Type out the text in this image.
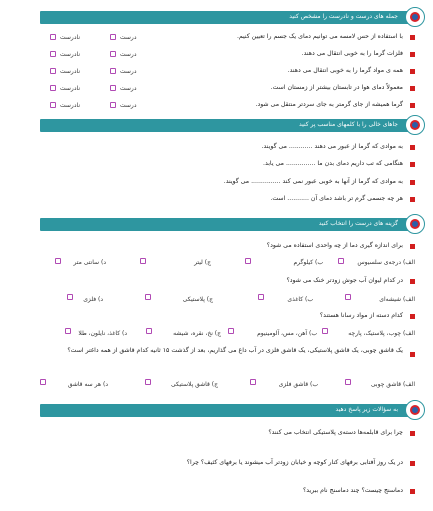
جمله های درست و نادرست را مشخص کنید
با استفاده از حس لامسه می توانیم دمای یک جسم را تعیین کنیم.
درست
نادرست
فلزات گرما را به خوبی انتقال می دهند.
درست
نادرست
همه ی مواد گرما را به خوبی انتقال می دهند.
درست
نادرست
معمولاً دمای هوا در تابستان بیشتر از زمستان است.
درست
نادرست
گرما همیشه از جای گرمتر به جای سردتر منتقل می شود.
درست
نادرست
جاهای خالی را با کلمهای مناسب پر کنید
به موادی که گرما از عبور می دهند ............ می گویند.
هنگامی که تب داریم دمای بدن ما ............... می یابد.
به موادی که گرما از آنها به خوبی عبور نمی کند ............... می گویند.
هر چه جسمی گرم تر باشد دمای آن ........... است.
گزینه های درست را انتخاب کنید
برای اندازه گیری دما از چه واحدی استفاده می شود؟
الف) درجه‌ی سلسیوس
ب) کیلوگرم
ج) لیتر
د) سانتی متر
در کدام لیوان آب جوش زودتر خنک می شود؟
الف) شیشه‌ای
ب) کاغذی
ج) پلاستیکی
د) فلزی
کدام دسته از مواد رسانا هستند؟
الف) چوب، پلاستیک، پارچه
ب) آهن، مس، آلومینیوم
ج) نخ، نقره، شیشه
د) کاغذ، نایلون، طلا
یک قاشق چوبی، یک قاشق پلاستیکی، یک قاشق فلزی در آب داغ می گذاریم، بعد از گذشت ۱۵ ثانیه کدام قاشق از همه داغتر است؟
الف) قاشق چوبی
ب) قاشق فلزی
ج) قاشق پلاستیکی
د) هر سه قاشق
به سؤالات زیر پاسخ دهید
چرا برای قابلمه‌ها دسته‌ی پلاستیکی انتخاب می کنند؟
در یک روز آفتابی برفهای کنار کوچه و خیابان زودتر آب میشوند یا برفهای کثیف؟ چرا؟
دماسنج چیست؟ چند دماسنج نام ببرید؟
